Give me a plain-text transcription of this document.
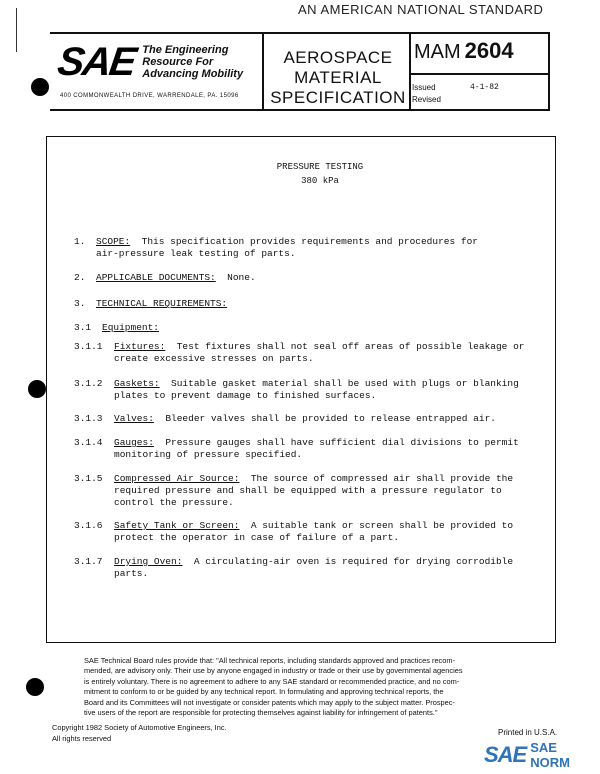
AN AMERICAN NATIONAL STANDARD
SAE The Engineering
Resource For
Advancing Mobility
400 COMMONWEALTH DRIVE, WARRENDALE, PA. 15096
AEROSPACE
MATERIAL
SPECIFICATION
MAM 2604
Issued	4-1-82
Revised
PRESSURE TESTING
380 kPa
1. SCOPE: This specification provides requirements and procedures for
air-pressure leak testing of parts.
2. APPLICABLE DOCUMENTS: None.
3. TECHNICAL REQUIREMENTS:
3.1 Equipment:
3.1.1 Fixtures: Test fixtures shall not seal off areas of possible leakage or
create excessive stresses on parts.
3.1.2 Gaskets: Suitable gasket material shall be used with plugs or blanking
plates to prevent damage to finished surfaces.
3.1.3 Valves: Bleeder valves shall be provided to release entrapped air.
3.1.4 Gauges: Pressure gauges shall have sufficient dial divisions to permit
monitoring of pressure specified.
3.1.5 Compressed Air Source: The source of compressed air shall provide the
required pressure and shall be equipped with a pressure regulator to
control the pressure.
3.1.6 Safety Tank or Screen: A suitable tank or screen shall be provided to
protect the operator in case of failure of a part.
3.1.7 Drying Oven: A circulating-air oven is required for drying corrodible
parts.
SAE Technical Board rules provide that: "All technical reports, including standards approved and practices recom-
mended, are advisory only. Their use by anyone engaged in industry or trade or their use by governmental agencies
is entirely voluntary. There is no agreement to adhere to any SAE standard or recommended practice, and no com-
mitment to conform to or be guided by any technical report. In formulating and approving technical reports, the
Board and its Committees will not investigate or consider patents which may apply to the subject matter. Prospec-
tive users of the report are responsible for protecting themselves against liability for infringement of patents."
Copyright 1982 Society of Automotive Engineers, Inc.
All rights reserved
Printed in U.S.A.
SAE SAE NORM
